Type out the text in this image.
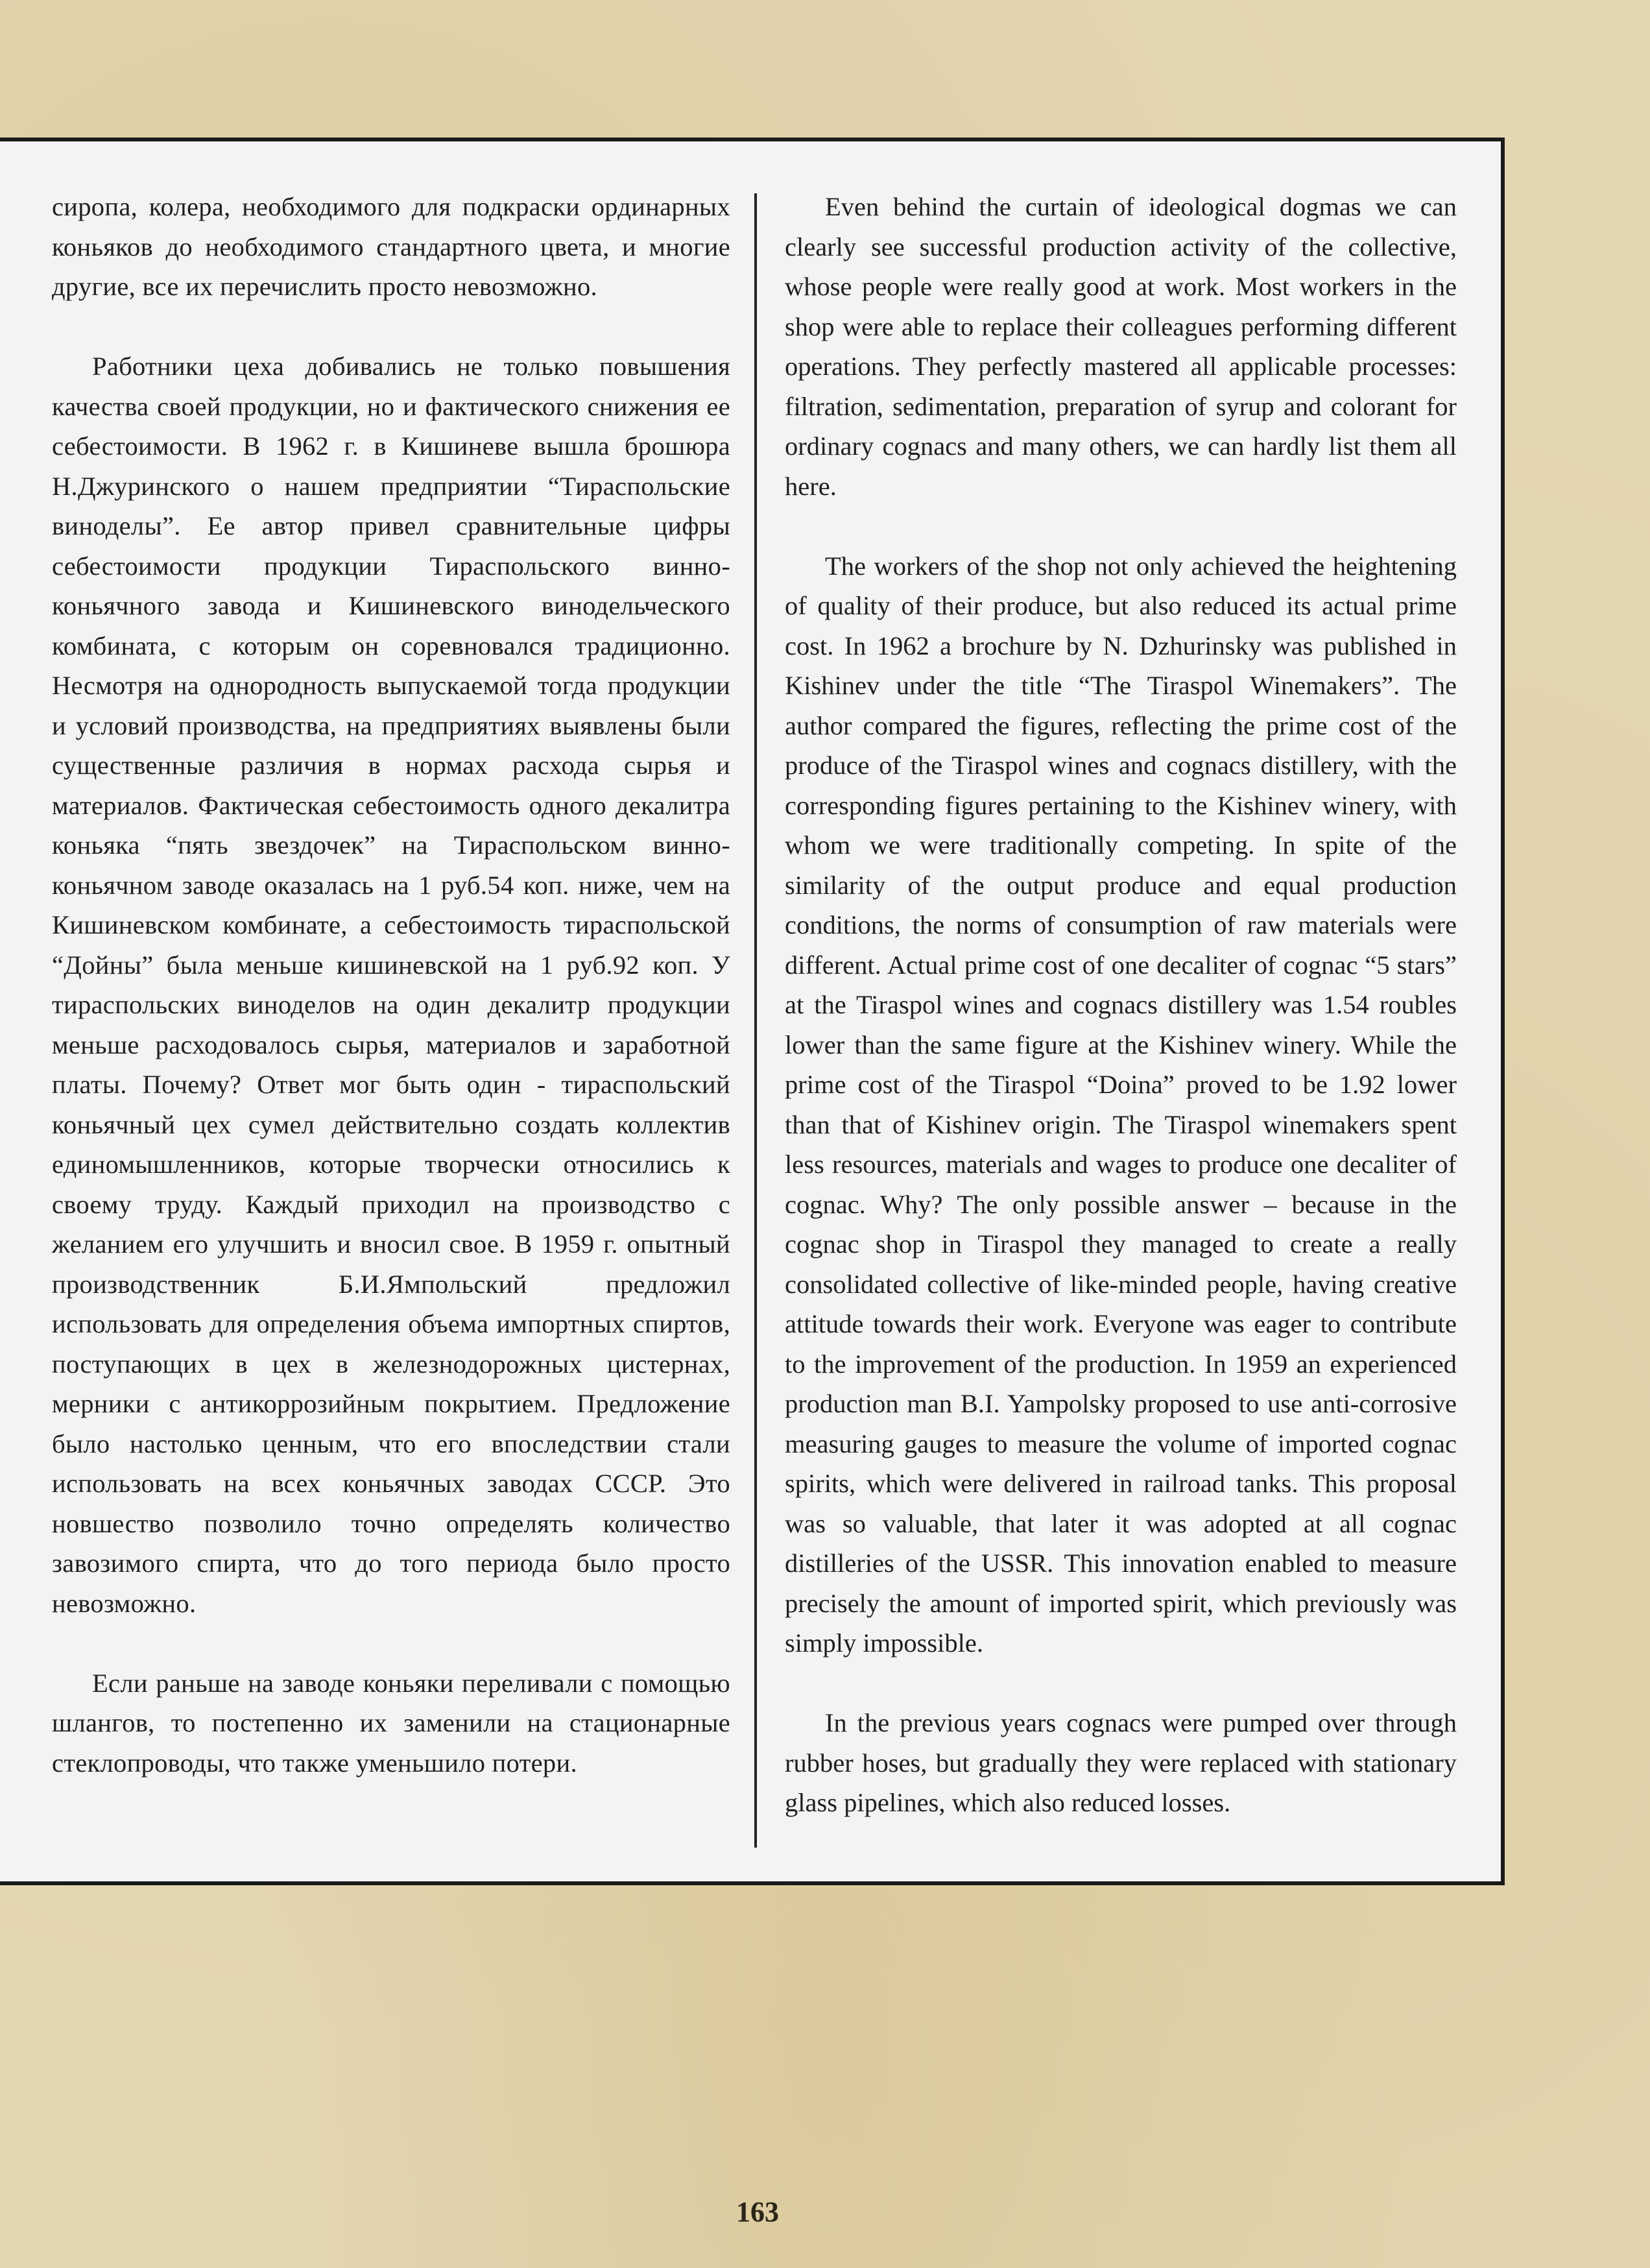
сиропа, колера, необходимого для подкраски ординарных коньяков до необходимого стандартного цвета, и многие другие, все их перечислить просто невозможно.

Работники цеха добивались не только повышения качества своей продукции, но и фактического снижения ее себестоимости. В 1962 г. в Кишиневе вышла брошюра Н.Джуринского о нашем предприятии “Тираспольские виноделы”. Ее автор привел сравнительные цифры себестоимости продукции Тираспольского винно-коньячного завода и Кишиневского винодельческого комбината, с которым он соревновался традиционно. Несмотря на однородность выпускаемой тогда продукции и условий производства, на предприятиях выявлены были существенные различия в нормах расхода сырья и материалов. Фактическая себестоимость одного декалитра коньяка “пять звездочек” на Тираспольском винно-коньячном заводе оказалась на 1 руб.54 коп. ниже, чем на Кишиневском комбинате, а себестоимость тираспольской “Дойны” была меньше кишиневской на 1 руб.92 коп. У тираспольских виноделов на один декалитр продукции меньше расходовалось сырья, материалов и заработной платы. Почему? Ответ мог быть один - тираспольский коньячный цех сумел действительно создать коллектив единомышленников, которые творчески относились к своему труду. Каждый приходил на производство с желанием его улучшить и вносил свое. В 1959 г. опытный производственник Б.И.Ямпольский предложил использовать для определения объема импортных спиртов, поступающих в цех в железнодорожных цистернах, мерники с антикоррозийным покрытием. Предложение было настолько ценным, что его впоследствии стали использовать на всех коньячных заводах СССР. Это новшество позволило точно определять количество завозимого спирта, что до того периода было просто невозможно.

Если раньше на заводе коньяки переливали с помощью шлангов, то постепенно их заменили на стационарные стеклопроводы, что также уменьшило потери.

Even behind the curtain of ideological dogmas we can clearly see successful production activity of the collective, whose people were really good at work. Most workers in the shop were able to replace their colleagues performing different operations. They perfectly mastered all applicable processes: filtration, sedimentation, preparation of syrup and colorant for ordinary cognacs and many others, we can hardly list them all here.

The workers of the shop not only achieved the heightening of quality of their produce, but also reduced its actual prime cost. In 1962 a brochure by N. Dzhurinsky was published in Kishinev under the title “The Tiraspol Winemakers”. The author compared the figures, reflecting the prime cost of the produce of the Tiraspol wines and cognacs distillery, with the corresponding figures pertaining to the Kishinev winery, with whom we were traditionally competing. In spite of the similarity of the output produce and equal production conditions, the norms of consumption of raw materials were different. Actual prime cost of one decaliter of cognac “5 stars” at the Tiraspol wines and cognacs distillery was 1.54 roubles lower than the same figure at the Kishinev winery. While the prime cost of the Tiraspol “Doina” proved to be 1.92 lower than that of Kishinev origin. The Tiraspol winemakers spent less resources, materials and wages to produce one decaliter of cognac. Why? The only possible answer – because in the cognac shop in Tiraspol they managed to create a really consolidated collective of like-minded people, having creative attitude towards their work. Everyone was eager to contribute to the improvement of the production. In 1959 an experienced production man B.I. Yampolsky proposed to use anti-corrosive measuring gauges to measure the volume of imported cognac spirits, which were delivered in railroad tanks. This proposal was so valuable, that later it was adopted at all cognac distilleries of the USSR. This innovation enabled to measure precisely the amount of imported spirit, which previously was simply impossible.

In the previous years cognacs were pumped over through rubber hoses, but gradually they were replaced with stationary glass pipelines, which also reduced losses.

163
